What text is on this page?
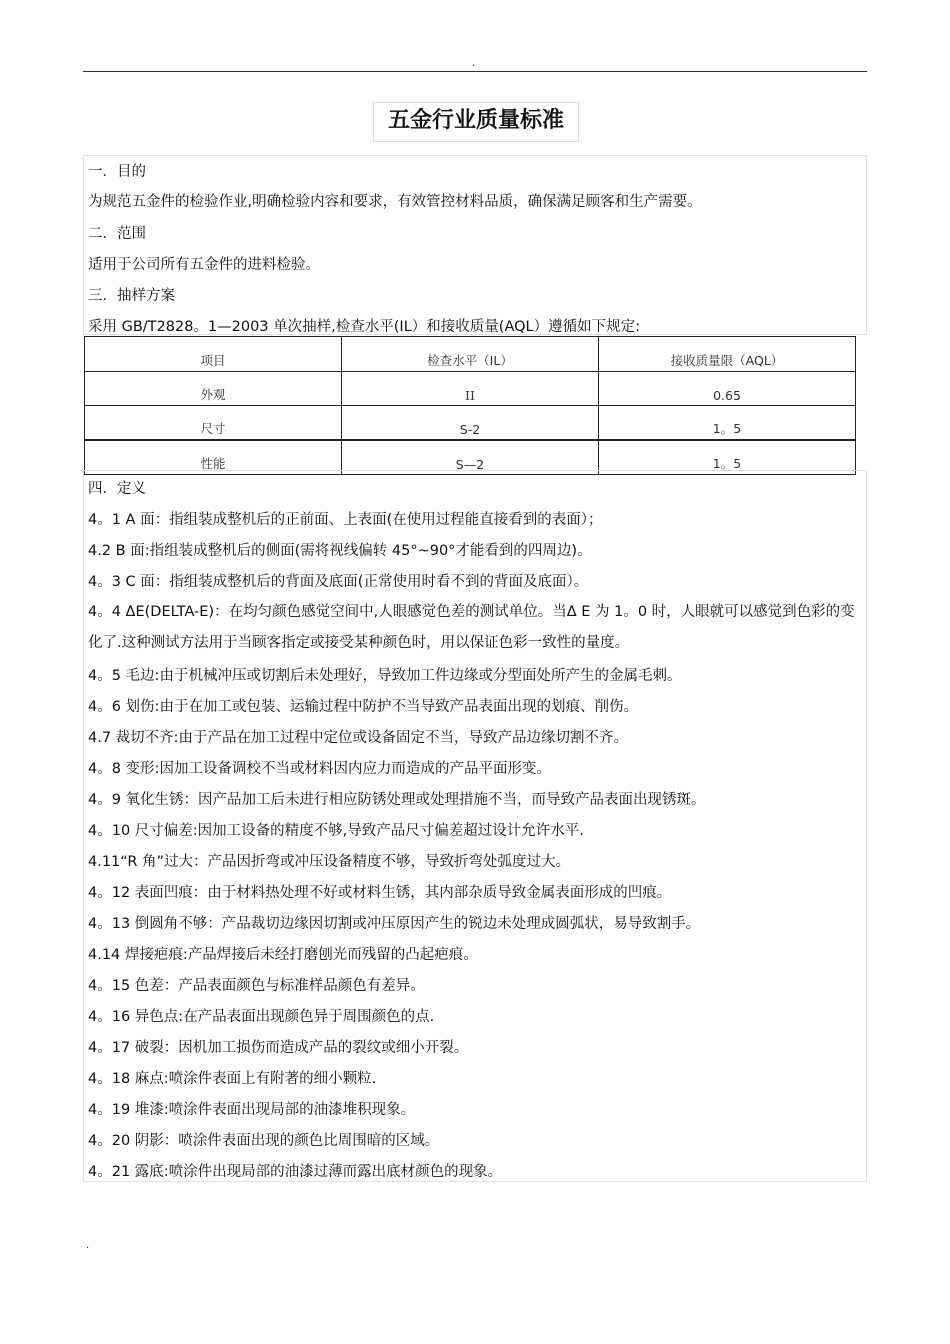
.
五金行业质量标准
一．目的
为规范五金件的检验作业,明确检验内容和要求，有效管控材料品质，确保满足顾客和生产需要。
二．范围
适用于公司所有五金件的进料检验。
三．抽样方案
采用 GB/T2828。1—2003 单次抽样,检查水平(IL）和接收质量(AQL）遵循如下规定:
项目	检查水平（IL）	接收质量限（AQL）
外观	II	0.65
尺寸	S-2	1。5
性能	S—2	1。5
四．定义
4。1 A 面：指组装成整机后的正前面、上表面(在使用过程能直接看到的表面）；
4.2 B 面:指组装成整机后的侧面(需将视线偏转 45°~90°才能看到的四周边)。
4。3 C 面：指组装成整机后的背面及底面(正常使用时看不到的背面及底面）。
4。4 ΔE(DELTA-E)：在均匀颜色感觉空间中,人眼感觉色差的测试单位。当Δ E 为 1。0 时，人眼就可以感觉到色彩的变化了.这种测试方法用于当顾客指定或接受某种颜色时，用以保证色彩一致性的量度。
4。5 毛边:由于机械冲压或切割后未处理好，导致加工件边缘或分型面处所产生的金属毛刺。
4。6 划伤:由于在加工或包装、运输过程中防护不当导致产品表面出现的划痕、削伤。
4.7 裁切不齐:由于产品在加工过程中定位或设备固定不当，导致产品边缘切割不齐。
4。8 变形:因加工设备调校不当或材料因内应力而造成的产品平面形变。
4。9 氧化生锈：因产品加工后未进行相应防锈处理或处理措施不当，而导致产品表面出现锈斑。
4。10 尺寸偏差:因加工设备的精度不够,导致产品尺寸偏差超过设计允许水平.
4.11“R 角”过大：产品因折弯或冲压设备精度不够，导致折弯处弧度过大。
4。12 表面凹痕：由于材料热处理不好或材料生锈，其内部杂质导致金属表面形成的凹痕。
4。13 倒圆角不够：产品裁切边缘因切割或冲压原因产生的锐边未处理成圆弧状，易导致割手。
4.14 焊接疤痕:产品焊接后未经打磨刨光而残留的凸起疤痕。
4。15 色差：产品表面颜色与标准样品颜色有差异。
4。16 异色点:在产品表面出现颜色异于周围颜色的点.
4。17 破裂：因机加工损伤而造成产品的裂纹或细小开裂。
4。18 麻点:喷涂件表面上有附著的细小颗粒.
4。19 堆漆:喷涂件表面出现局部的油漆堆积现象。
4。20 阴影：喷涂件表面出现的颜色比周围暗的区域。
4。21 露底:喷涂件出现局部的油漆过薄而露出底材颜色的现象。
.
